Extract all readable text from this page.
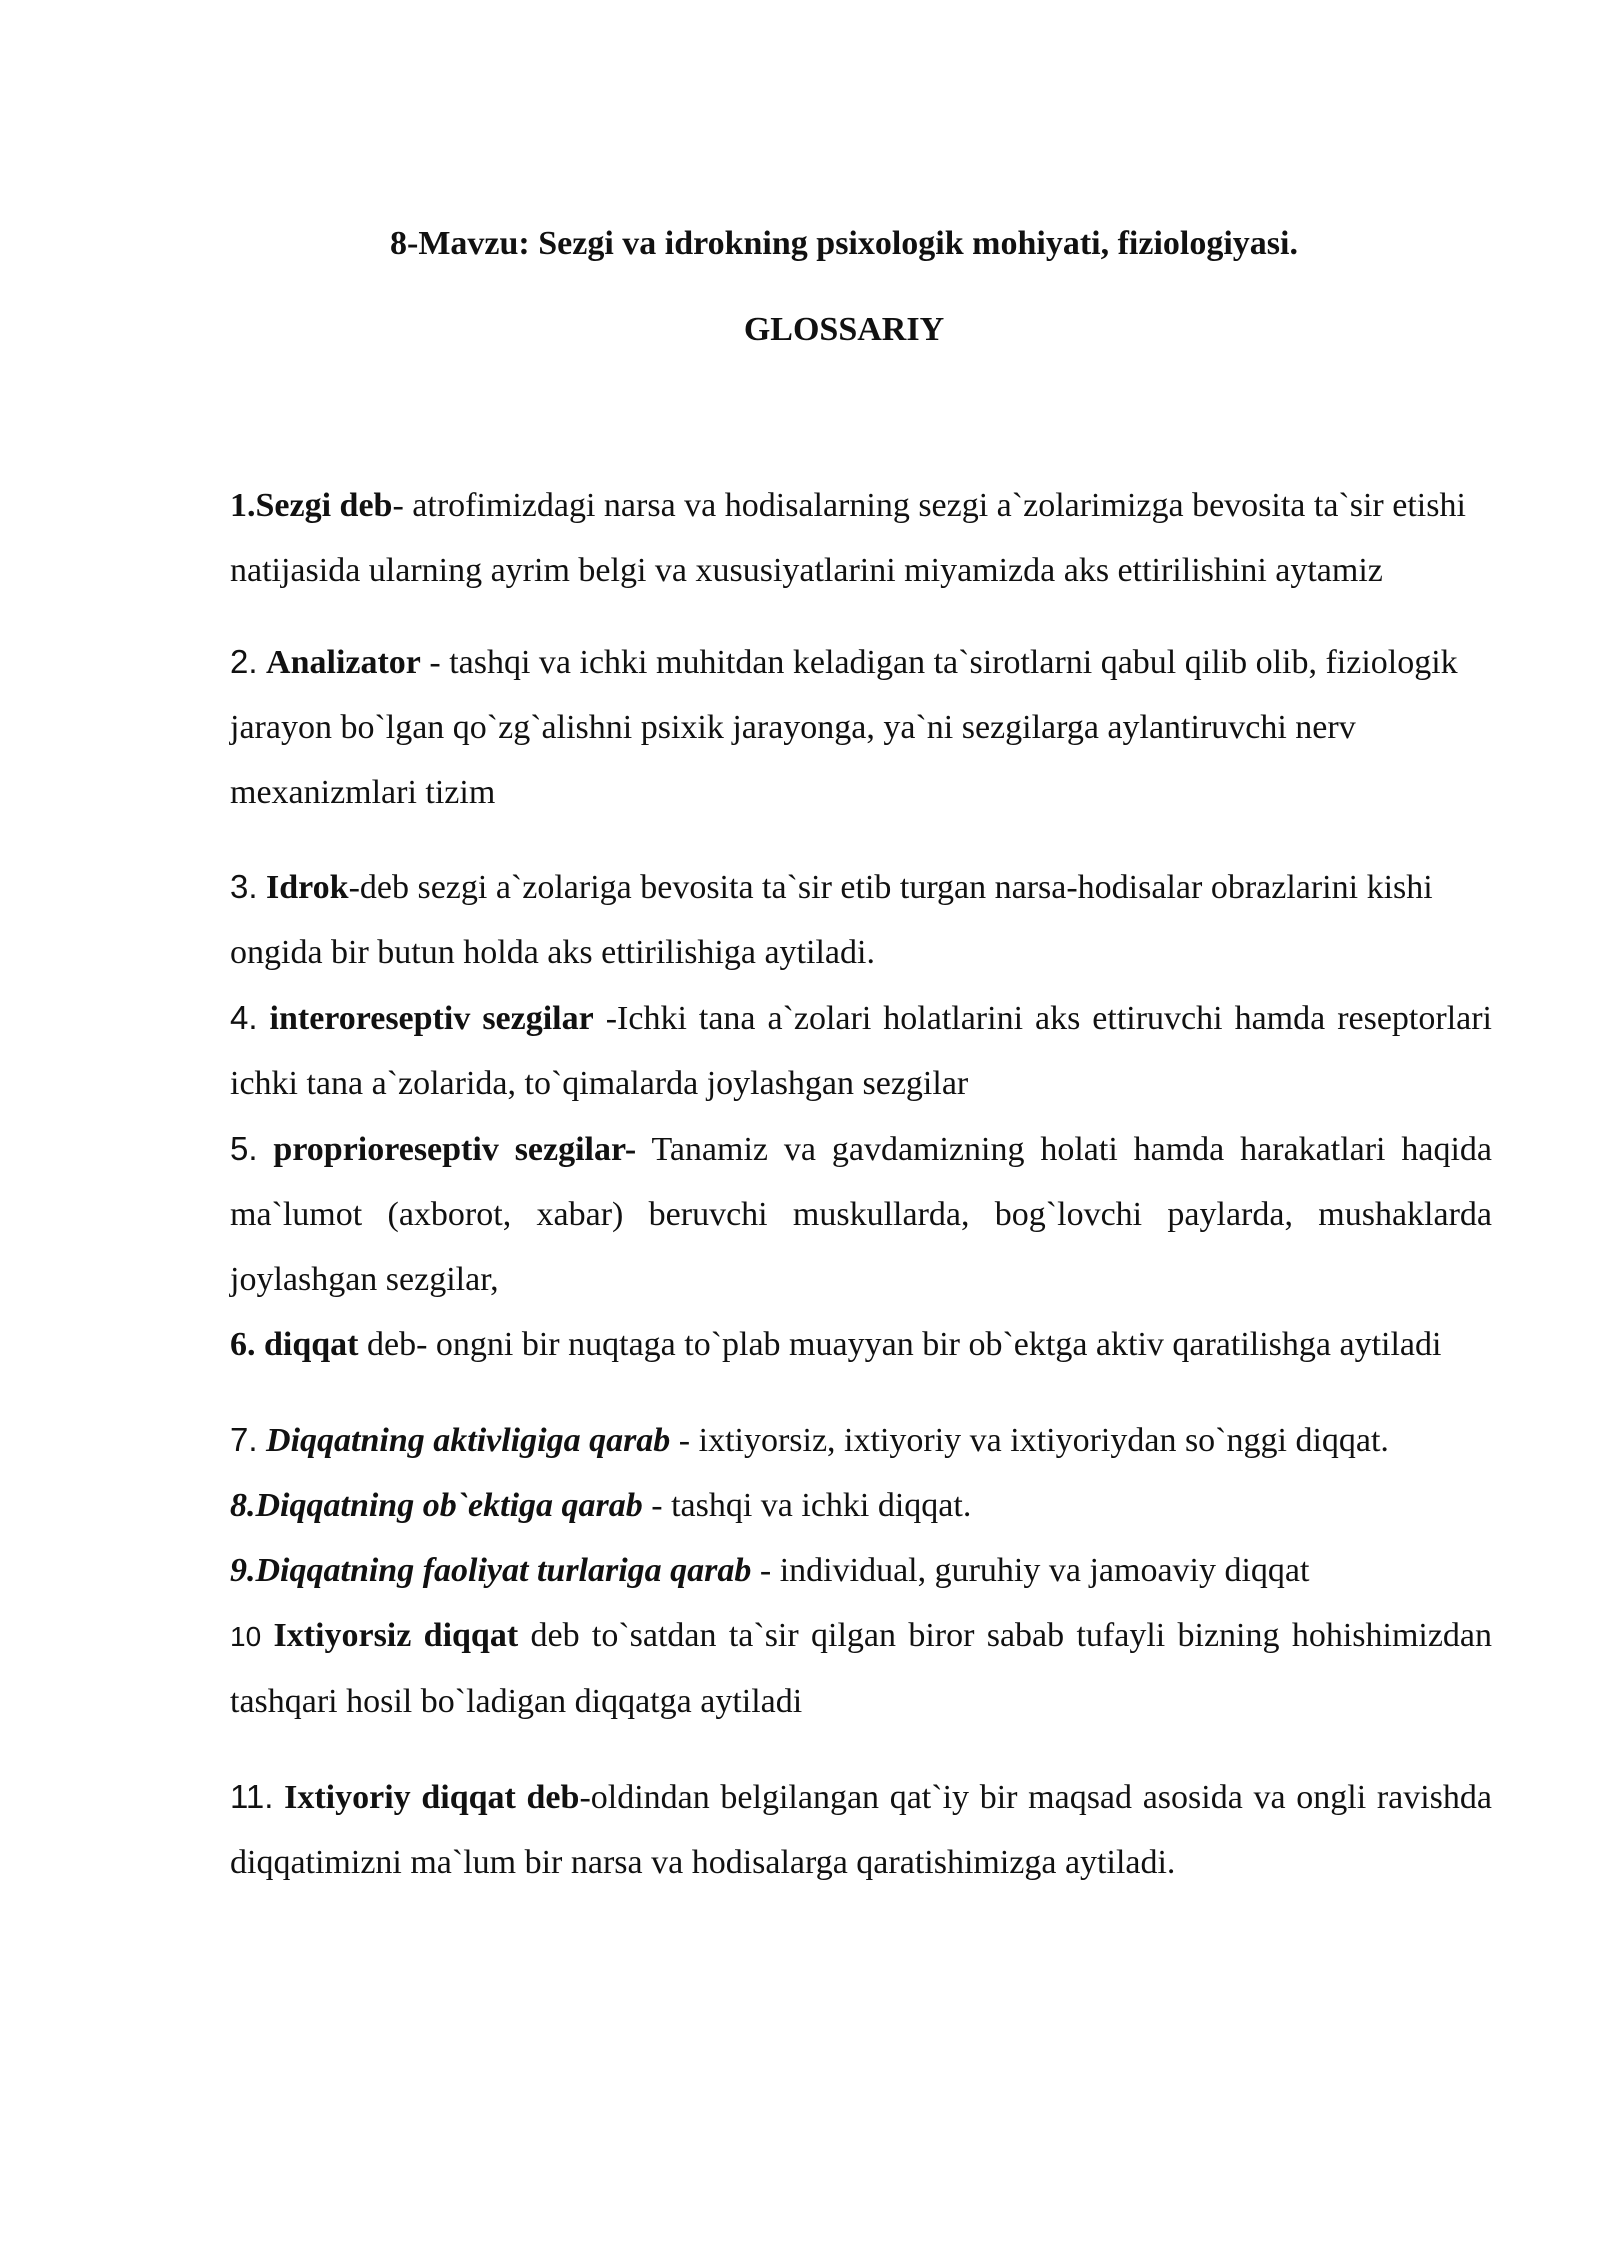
8-Mavzu: Sezgi va idrokning psixologik mohiyati, fiziologiyasi.
GLOSSARIY

1.Sezgi deb- atrofimizdagi narsa va hodisalarning sezgi a`zolarimizga bevosita ta`sir etishi natijasida ularning ayrim belgi va xususiyatlarini miyamizda aks ettirilishini aytamiz

2. Analizator - tashqi va ichki muhitdan keladigan ta`sirotlarni qabul qilib olib, fiziologik jarayon bo`lgan qo`zg`alishni psixik jarayonga, ya`ni sezgilarga aylantiruvchi nerv mexanizmlari tizim

3. Idrok-deb sezgi a`zolariga bevosita ta`sir etib turgan narsa-hodisalar obrazlarini kishi ongida bir butun holda aks ettirilishiga aytiladi.

4. interoreseptiv sezgilar -Ichki tana a`zolari holatlarini aks ettiruvchi hamda reseptorlari ichki tana a`zolarida, to`qimalarda joylashgan sezgilar

5. proprioreseptiv sezgilar- Tanamiz va gavdamizning holati hamda harakatlari haqida ma`lumot (axborot, xabar) beruvchi muskullarda, bog`lovchi paylarda, mushaklarda joylashgan sezgilar,

6. diqqat deb- ongni bir nuqtaga to`plab muayyan bir ob`ektga aktiv qaratilishga aytiladi

7. Diqqatning aktivligiga qarab - ixtiyorsiz, ixtiyoriy va ixtiyoriydan so`nggi diqqat.

8.Diqqatning ob`ektiga qarab - tashqi va ichki diqqat.

9.Diqqatning faoliyat turlariga qarab - individual, guruhiy va jamoaviy diqqat

10 Ixtiyorsiz diqqat deb to`satdan ta`sir qilgan biror sabab tufayli bizning hohishimizdan tashqari hosil bo`ladigan diqqatga aytiladi

11. Ixtiyoriy diqqat deb-oldindan belgilangan qat`iy bir maqsad asosida va ongli ravishda diqqatimizni ma`lum bir narsa va hodisalarga qaratishimizga aytiladi.
